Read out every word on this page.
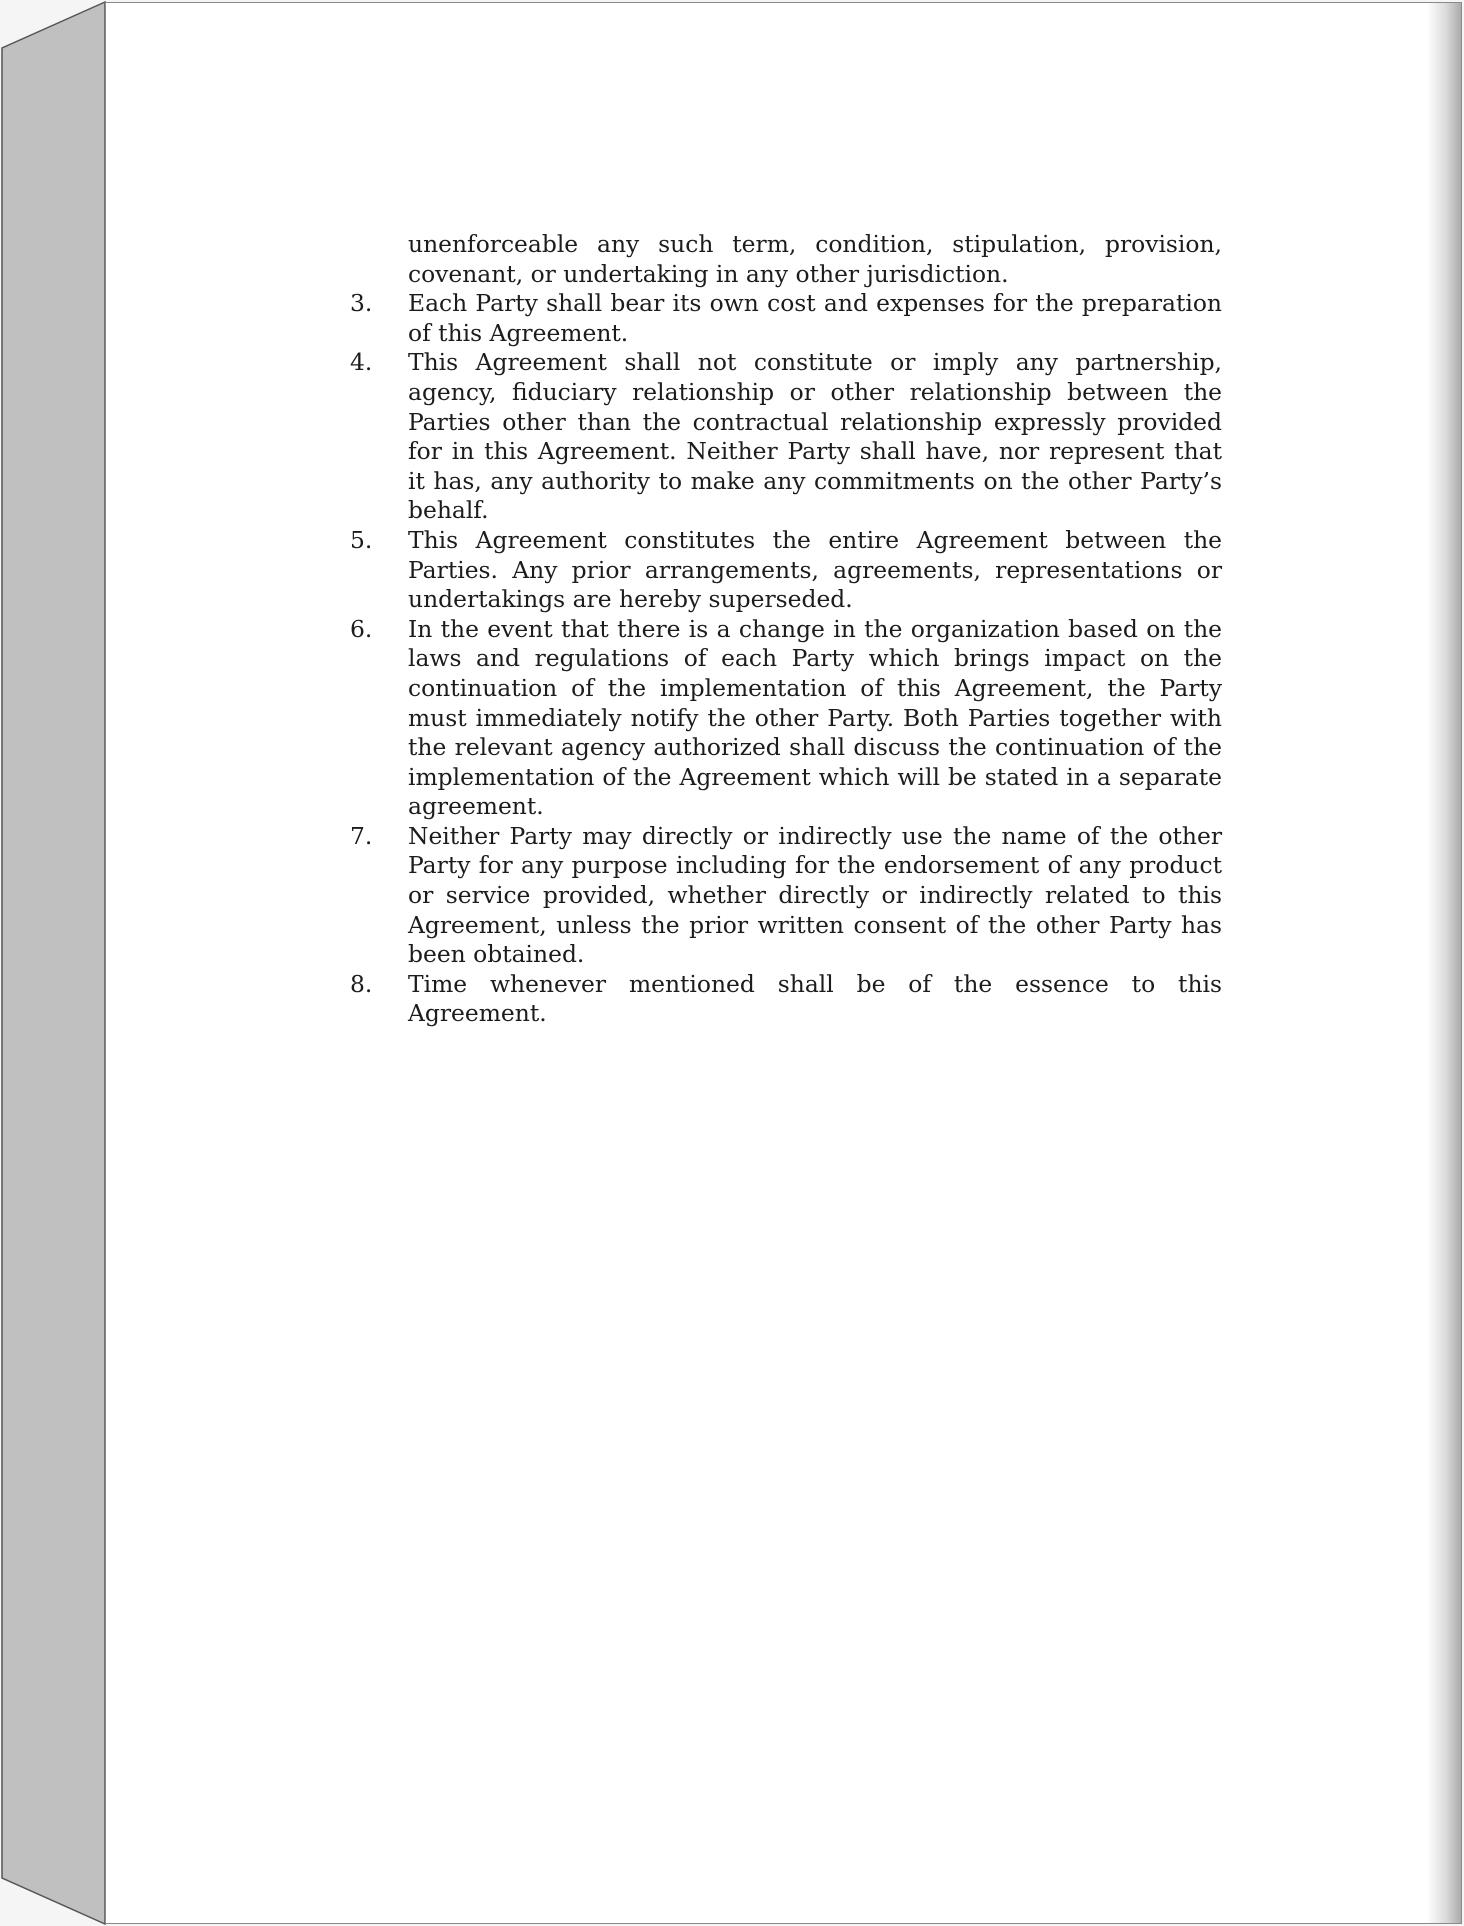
unenforceable any such term, condition, stipulation, provision, covenant, or undertaking in any other jurisdiction.
3.	Each Party shall bear its own cost and expenses for the preparation of this Agreement.
4.	This Agreement shall not constitute or imply any partnership, agency, fiduciary relationship or other relationship between the Parties other than the contractual relationship expressly provided for in this Agreement. Neither Party shall have, nor represent that it has, any authority to make any commitments on the other Party’s behalf.
5.	This Agreement constitutes the entire Agreement between the Parties. Any prior arrangements, agreements, representations or undertakings are hereby superseded.
6.	In the event that there is a change in the organization based on the laws and regulations of each Party which brings impact on the continuation of the implementation of this Agreement, the Party must immediately notify the other Party. Both Parties together with the relevant agency authorized shall discuss the continuation of the implementation of the Agreement which will be stated in a separate agreement.
7.	Neither Party may directly or indirectly use the name of the other Party for any purpose including for the endorsement of any product or service provided, whether directly or indirectly related to this Agreement, unless the prior written consent of the other Party has been obtained.
8.	Time whenever mentioned shall be of the essence to this Agreement.
